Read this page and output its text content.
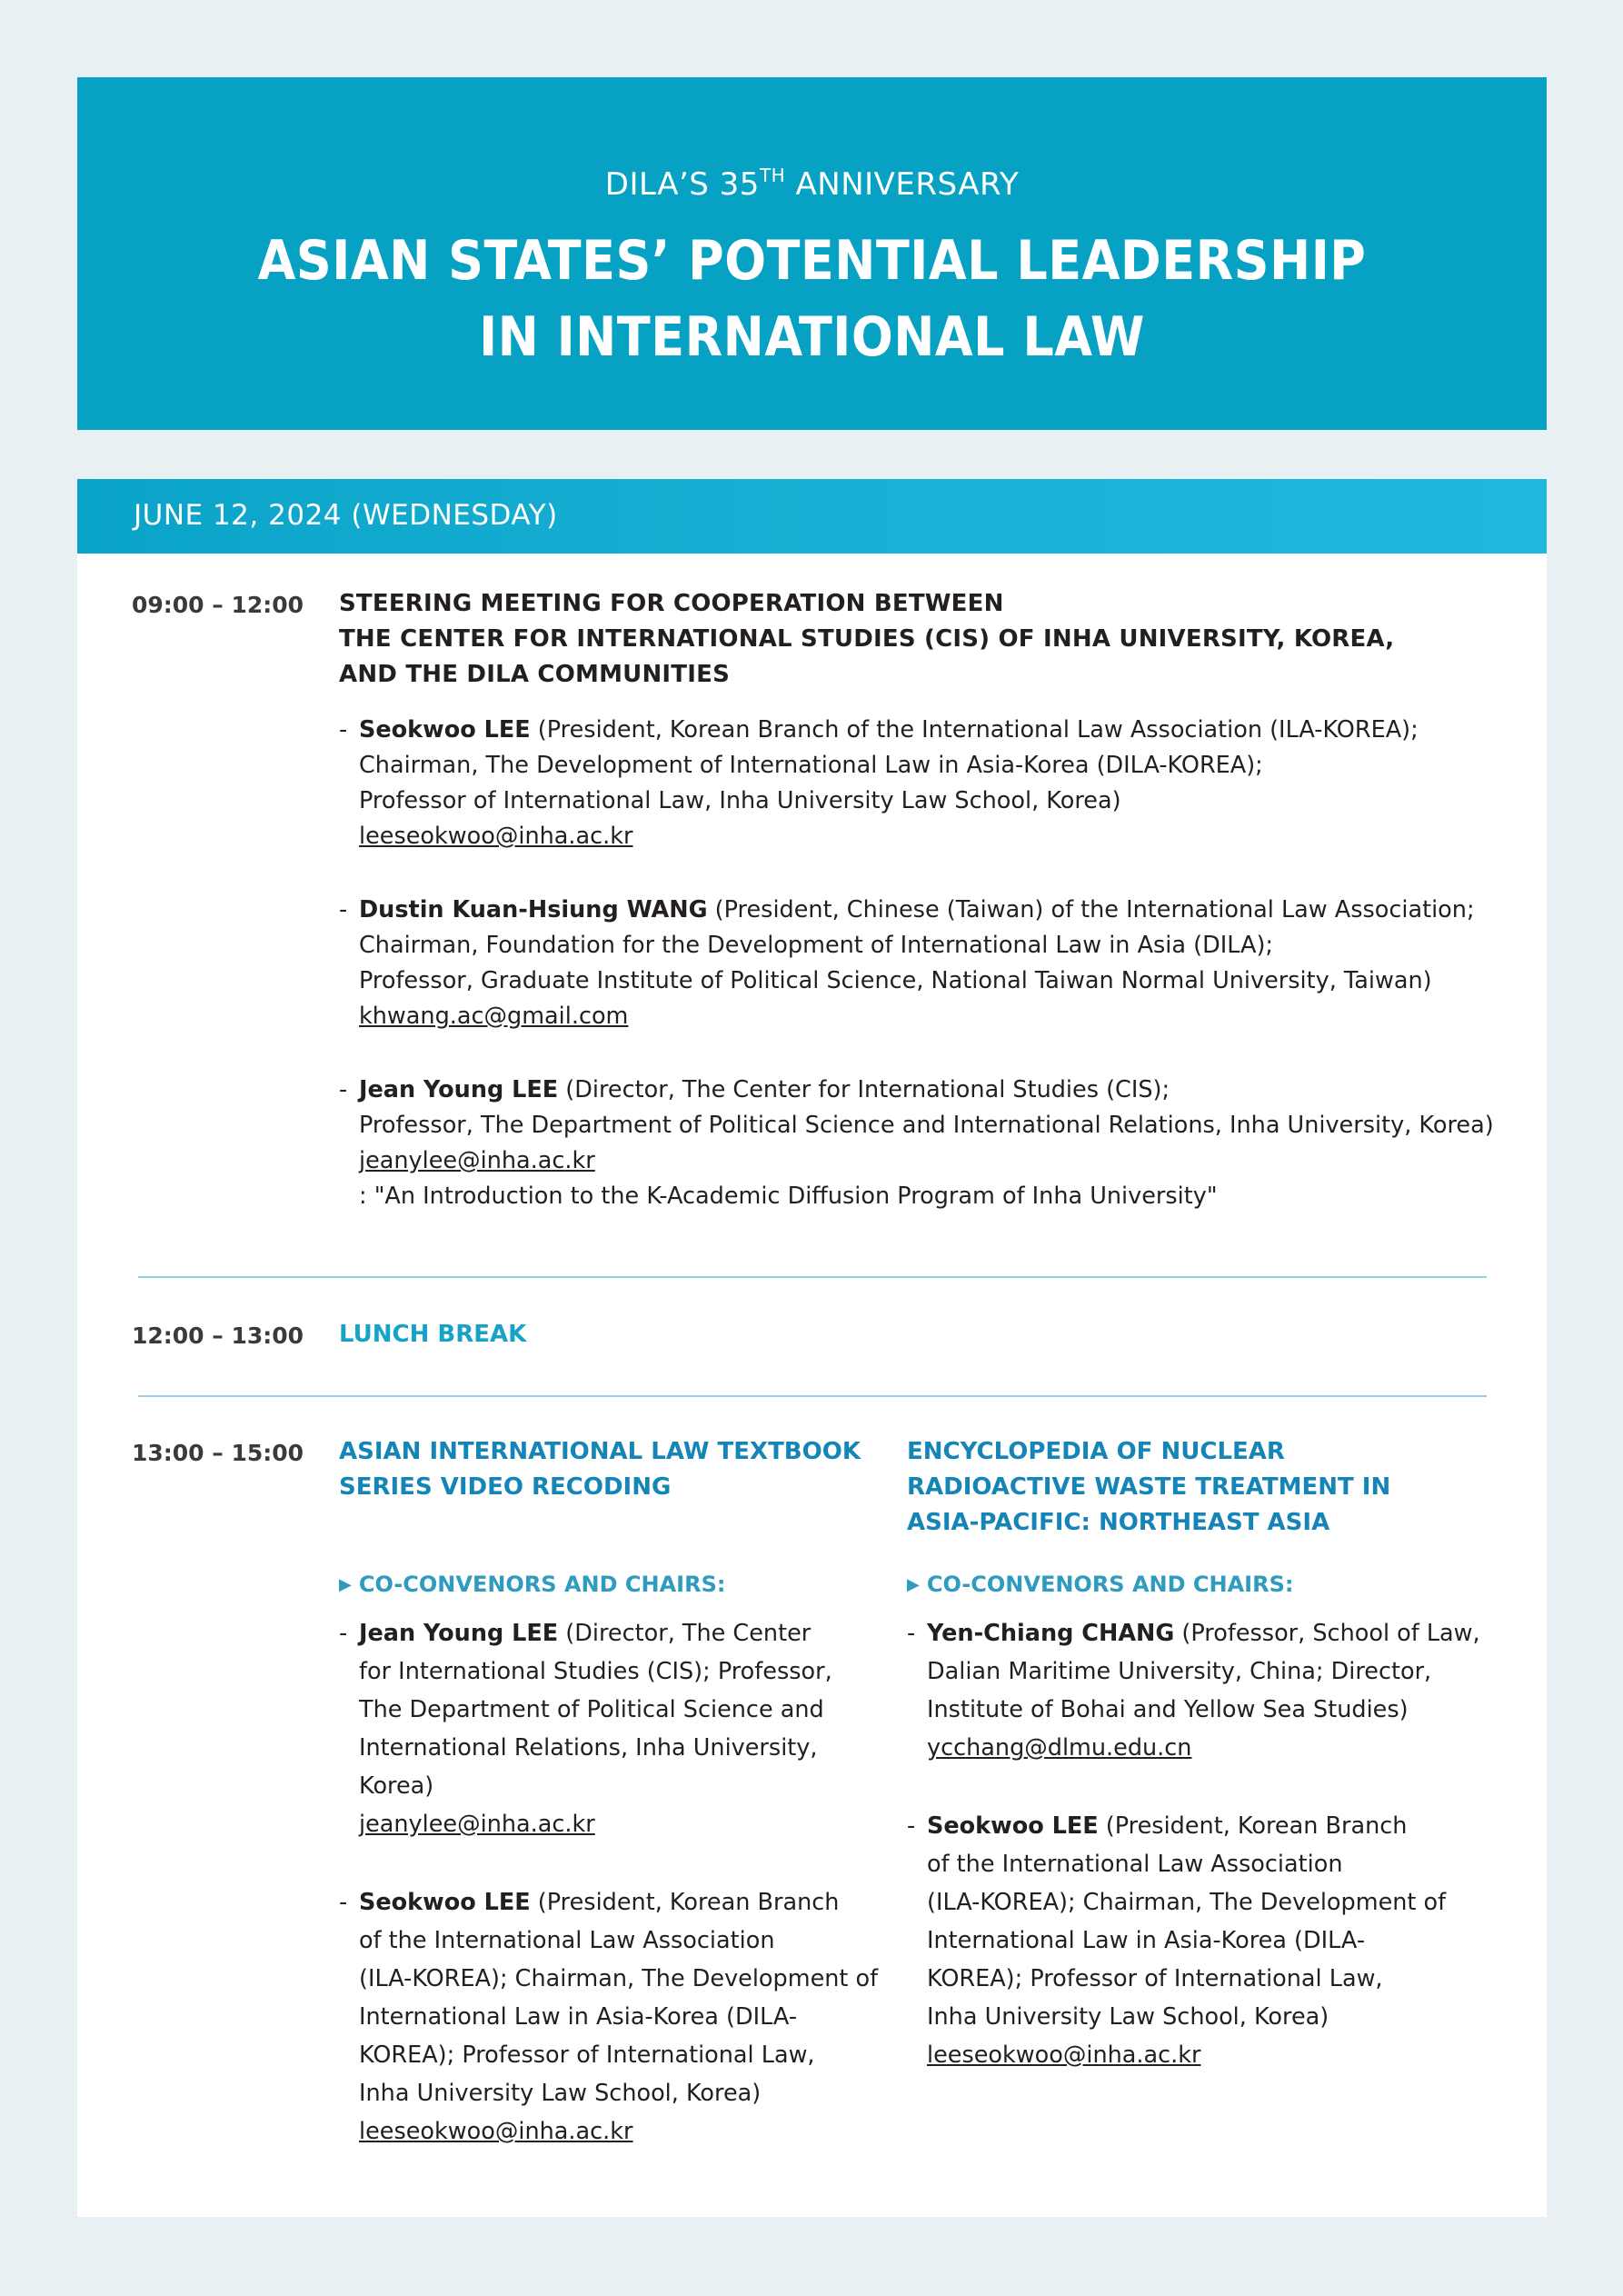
DILA’S 35TH ANNIVERSARY
ASIAN STATES’ POTENTIAL LEADERSHIP
IN INTERNATIONAL LAW
JUNE 12, 2024 (WEDNESDAY)
09:00 – 12:00 STEERING MEETING FOR COOPERATION BETWEEN
THE CENTER FOR INTERNATIONAL STUDIES (CIS) OF INHA UNIVERSITY, KOREA,
AND THE DILA COMMUNITIES
- Seokwoo LEE (President, Korean Branch of the International Law Association (ILA-KOREA);
Chairman, The Development of International Law in Asia-Korea (DILA-KOREA);
Professor of International Law, Inha University Law School, Korea)
leeseokwoo@inha.ac.kr
- Dustin Kuan-Hsiung WANG (President, Chinese (Taiwan) of the International Law Association;
Chairman, Foundation for the Development of International Law in Asia (DILA);
Professor, Graduate Institute of Political Science, National Taiwan Normal University, Taiwan)
khwang.ac@gmail.com
- Jean Young LEE (Director, The Center for International Studies (CIS);
Professor, The Department of Political Science and International Relations, Inha University, Korea)
jeanylee@inha.ac.kr
: "An Introduction to the K-Academic Diffusion Program of Inha University"
12:00 – 13:00 LUNCH BREAK
13:00 – 15:00 ASIAN INTERNATIONAL LAW TEXTBOOK
SERIES VIDEO RECODING
▶ CO-CONVENORS AND CHAIRS:
- Jean Young LEE (Director, The Center
for International Studies (CIS); Professor,
The Department of Political Science and
International Relations, Inha University,
Korea)
jeanylee@inha.ac.kr
- Seokwoo LEE (President, Korean Branch
of the International Law Association
(ILA-KOREA); Chairman, The Development of
International Law in Asia-Korea (DILA-
KOREA); Professor of International Law,
Inha University Law School, Korea)
leeseokwoo@inha.ac.kr
ENCYCLOPEDIA OF NUCLEAR
RADIOACTIVE WASTE TREATMENT IN
ASIA-PACIFIC: NORTHEAST ASIA
▶ CO-CONVENORS AND CHAIRS:
- Yen-Chiang CHANG (Professor, School of Law,
Dalian Maritime University, China; Director,
Institute of Bohai and Yellow Sea Studies)
ycchang@dlmu.edu.cn
- Seokwoo LEE (President, Korean Branch
of the International Law Association
(ILA-KOREA); Chairman, The Development of
International Law in Asia-Korea (DILA-
KOREA); Professor of International Law,
Inha University Law School, Korea)
leeseokwoo@inha.ac.kr
